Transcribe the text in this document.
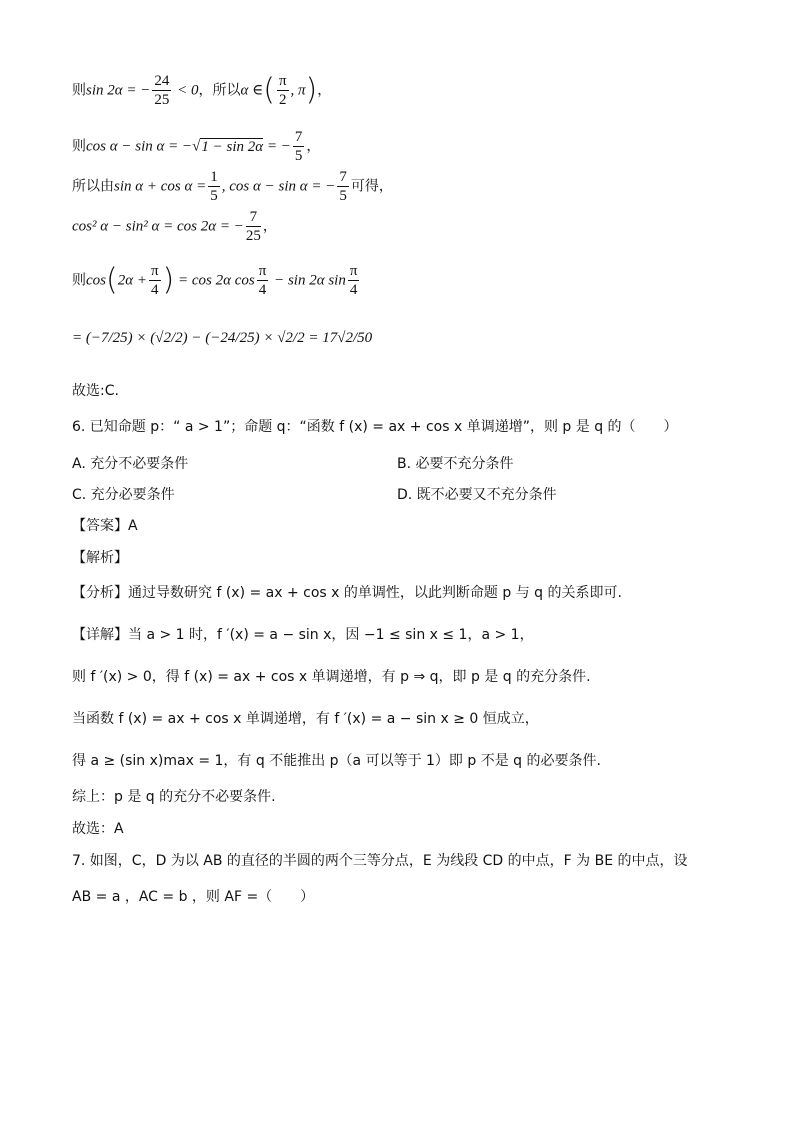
则sin 2α = − $\frac{24}{25} < 0$，所以α ∈( $\frac{\pi}{2}$ , π)，
则cos α − sin α = −√1 − sin 2α = − $\frac{7}{5}$ ，
所以由$\sin \alpha + \cos \alpha = \frac{1}{5}$ , cos α − sin α = − $\frac{7}{5}$ 可得，
cos² α − sin² α = cos 2α = − $\frac{7}{25}$ ，
则$\cos(2\alpha + \frac{\pi}{4}$ ) = cos 2α $\cos \frac{\pi}{4} - \sin 2\alpha$ $\sin \frac{\pi}{4}$
= (−7/25) × (√2/2) − (−24/25) × √2/2 = 17√2/50
故选:C.
6. 已知命题 p：“ a > 1”；命题 q：“函数 f (x) = ax + cos x 单调递增”，则 p 是 q 的（　　）
A. 充分不必要条件	B. 必要不充分条件
C. 充分必要条件	D. 既不必要又不充分条件
【答案】A
【解析】
【分析】通过导数研究 f (x) = ax + cos x 的单调性，以此判断命题 p 与 q 的关系即可.
【详解】当 a > 1 时，f ′(x) = a − sin x，因 −1 ≤ sin x ≤ 1，a > 1，
则 f ′(x) > 0，得 f (x) = ax + cos x 单调递增，有 p ⇒ q，即 p 是 q 的充分条件.
当函数 f (x) = ax + cos x 单调递增，有 f ′(x) = a − sin x ≥ 0 恒成立，
得 a ≥ (sin x)max = 1，有 q 不能推出 p（a 可以等于 1）即 p 不是 q 的必要条件.
综上：p 是 q 的充分不必要条件.
故选：A
7. 如图，C，D 为以 AB 的直径的半圆的两个三等分点，E 为线段 CD 的中点，F 为 BE 的中点，设
AB = a ，AC = b ，则 AF =（　　）
